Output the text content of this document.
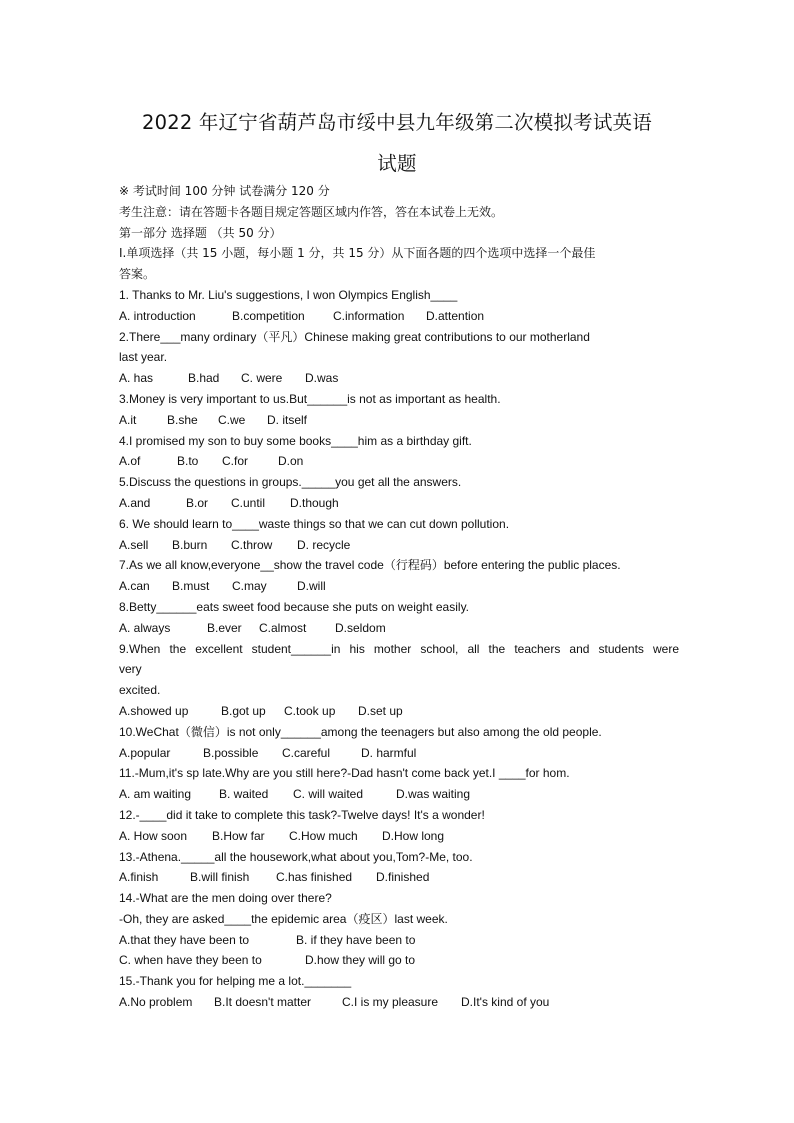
2022 年辽宁省葫芦岛市绥中县九年级第二次模拟考试英语
试题
※ 考试时间 100 分钟 试卷满分 120 分
考生注意：请在答题卡各题目规定答题区域内作答，答在本试卷上无效。
第一部分 选择题 （共 50 分）
Ⅰ.单项选择（共 15 小题，每小题 1 分，共 15 分）从下面各题的四个选项中选择一个最佳
答案。
1. Thanks to Mr. Liu's suggestions, I won Olympics English____
A. introduction	B.competition	C.information	D.attention
2.There___many ordinary（平凡）Chinese making great contributions to our motherland
last year.
A. has	B.had	C. were	D.was
3.Money is very important to us.But______is not as important as health.
A.it	B.she	C.we	D. itself
4.I promised my son to buy some books____him as a birthday gift.
A.of	B.to	C.for	D.on
5.Discuss the questions in groups._____you get all the answers.
A.and	B.or	C.until	D.though
6. We should learn to____waste things so that we can cut down pollution.
A.sell	B.burn	C.throw	D. recycle
7.As we all know,everyone__show the travel code（行程码）before entering the public places.
A.can	B.must	C.may	D.will
8.Betty______eats sweet food because she puts on weight easily.
A. always	B.ever	C.almost	D.seldom
9.When the excellent student______in his mother school, all the teachers and students were
very
excited.
A.showed up	B.got up	C.took up	D.set up
10.WeChat（微信）is not only______among the teenagers but also among the old people.
A.popular	B.possible	C.careful	D. harmful
11.-Mum,it's sp late.Why are you still here?-Dad hasn't come back yet.I ____for hom.
A. am waiting	B. waited	C. will waited	D.was waiting
12.-____did it take to complete this task?-Twelve days! It's a wonder!
A. How soon	B.How far	C.How much	D.How long
13.-Athena._____all the housework,what about you,Tom?-Me, too.
A.finish	B.will finish	C.has finished	D.finished
14.-What are the men doing over there?
-Oh, they are asked____the epidemic area（疫区）last week.
A.that they have been to	B. if they have been to
C. when have they been to	D.how they will go to
15.-Thank you for helping me a lot._______
A.No problem	B.It doesn't matter	C.I is my pleasure	D.It's kind of you
